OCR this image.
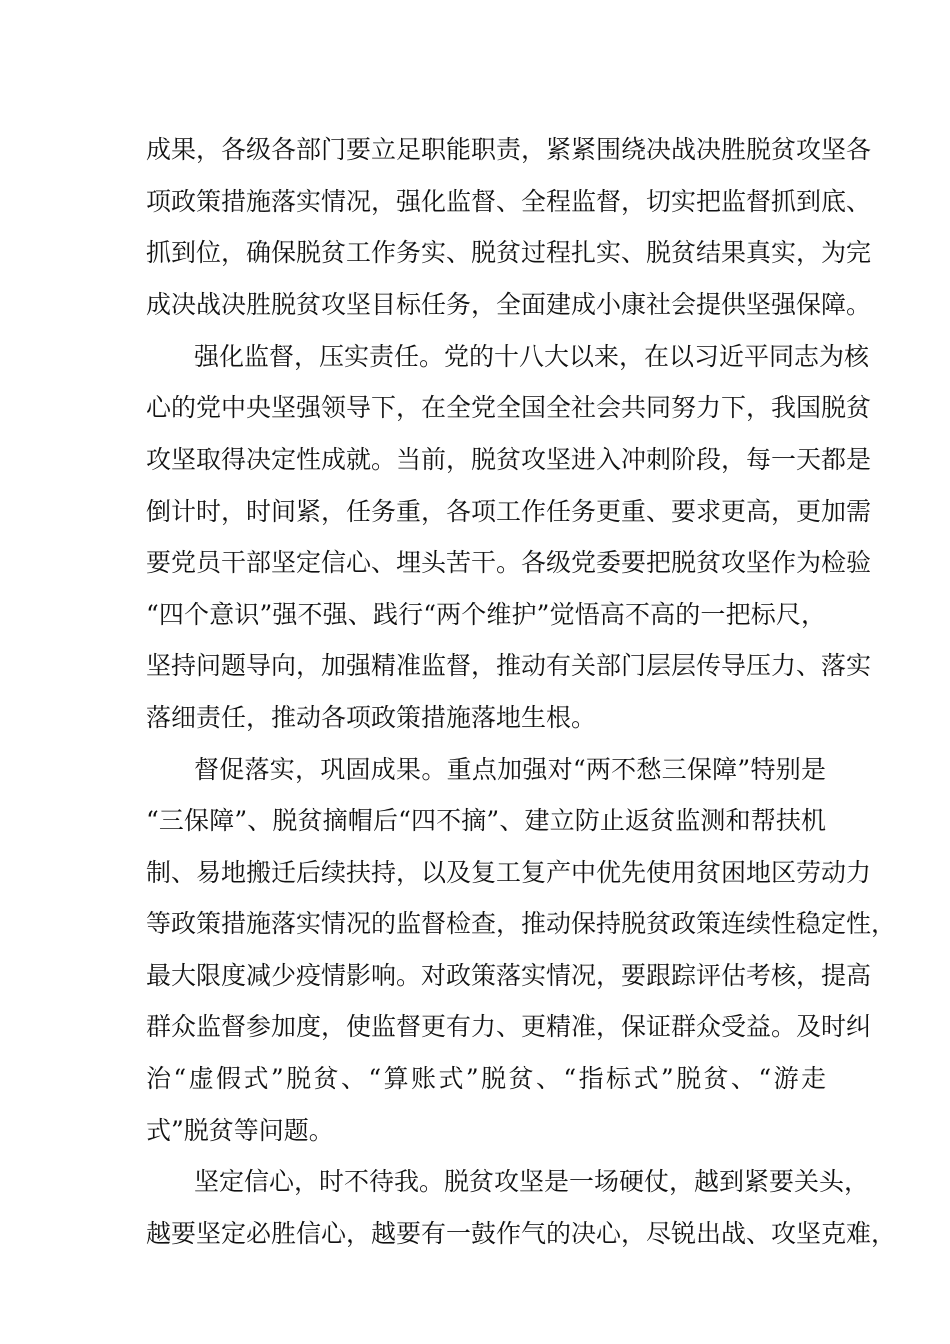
成果，各级各部门要立足职能职责，紧紧围绕决战决胜脱贫攻坚各
项政策措施落实情况，强化监督、全程监督，切实把监督抓到底、
抓到位，确保脱贫工作务实、脱贫过程扎实、脱贫结果真实，为完
成决战决胜脱贫攻坚目标任务，全面建成小康社会提供坚强保障。
强化监督，压实责任。党的十八大以来，在以习近平同志为核
心的党中央坚强领导下，在全党全国全社会共同努力下，我国脱贫
攻坚取得决定性成就。当前，脱贫攻坚进入冲刺阶段，每一天都是
倒计时，时间紧，任务重，各项工作任务更重、要求更高，更加需
要党员干部坚定信心、埋头苦干。各级党委要把脱贫攻坚作为检验
“四个意识”强不强、践行“两个维护”觉悟高不高的一把标尺，
坚持问题导向，加强精准监督，推动有关部门层层传导压力、落实
落细责任，推动各项政策措施落地生根。
督促落实，巩固成果。重点加强对“两不愁三保障”特别是
“三保障”、脱贫摘帽后“四不摘”、建立防止返贫监测和帮扶机
制、易地搬迁后续扶持，以及复工复产中优先使用贫困地区劳动力
等政策措施落实情况的监督检查，推动保持脱贫政策连续性稳定性，
最大限度减少疫情影响。对政策落实情况，要跟踪评估考核，提高
群众监督参加度，使监督更有力、更精准，保证群众受益。及时纠
治“虚假式”脱贫、“算账式”脱贫、“指标式”脱贫、“游走
式”脱贫等问题。
坚定信心，时不待我。脱贫攻坚是一场硬仗，越到紧要关头，
越要坚定必胜信心，越要有一鼓作气的决心，尽锐出战、攻坚克难，
